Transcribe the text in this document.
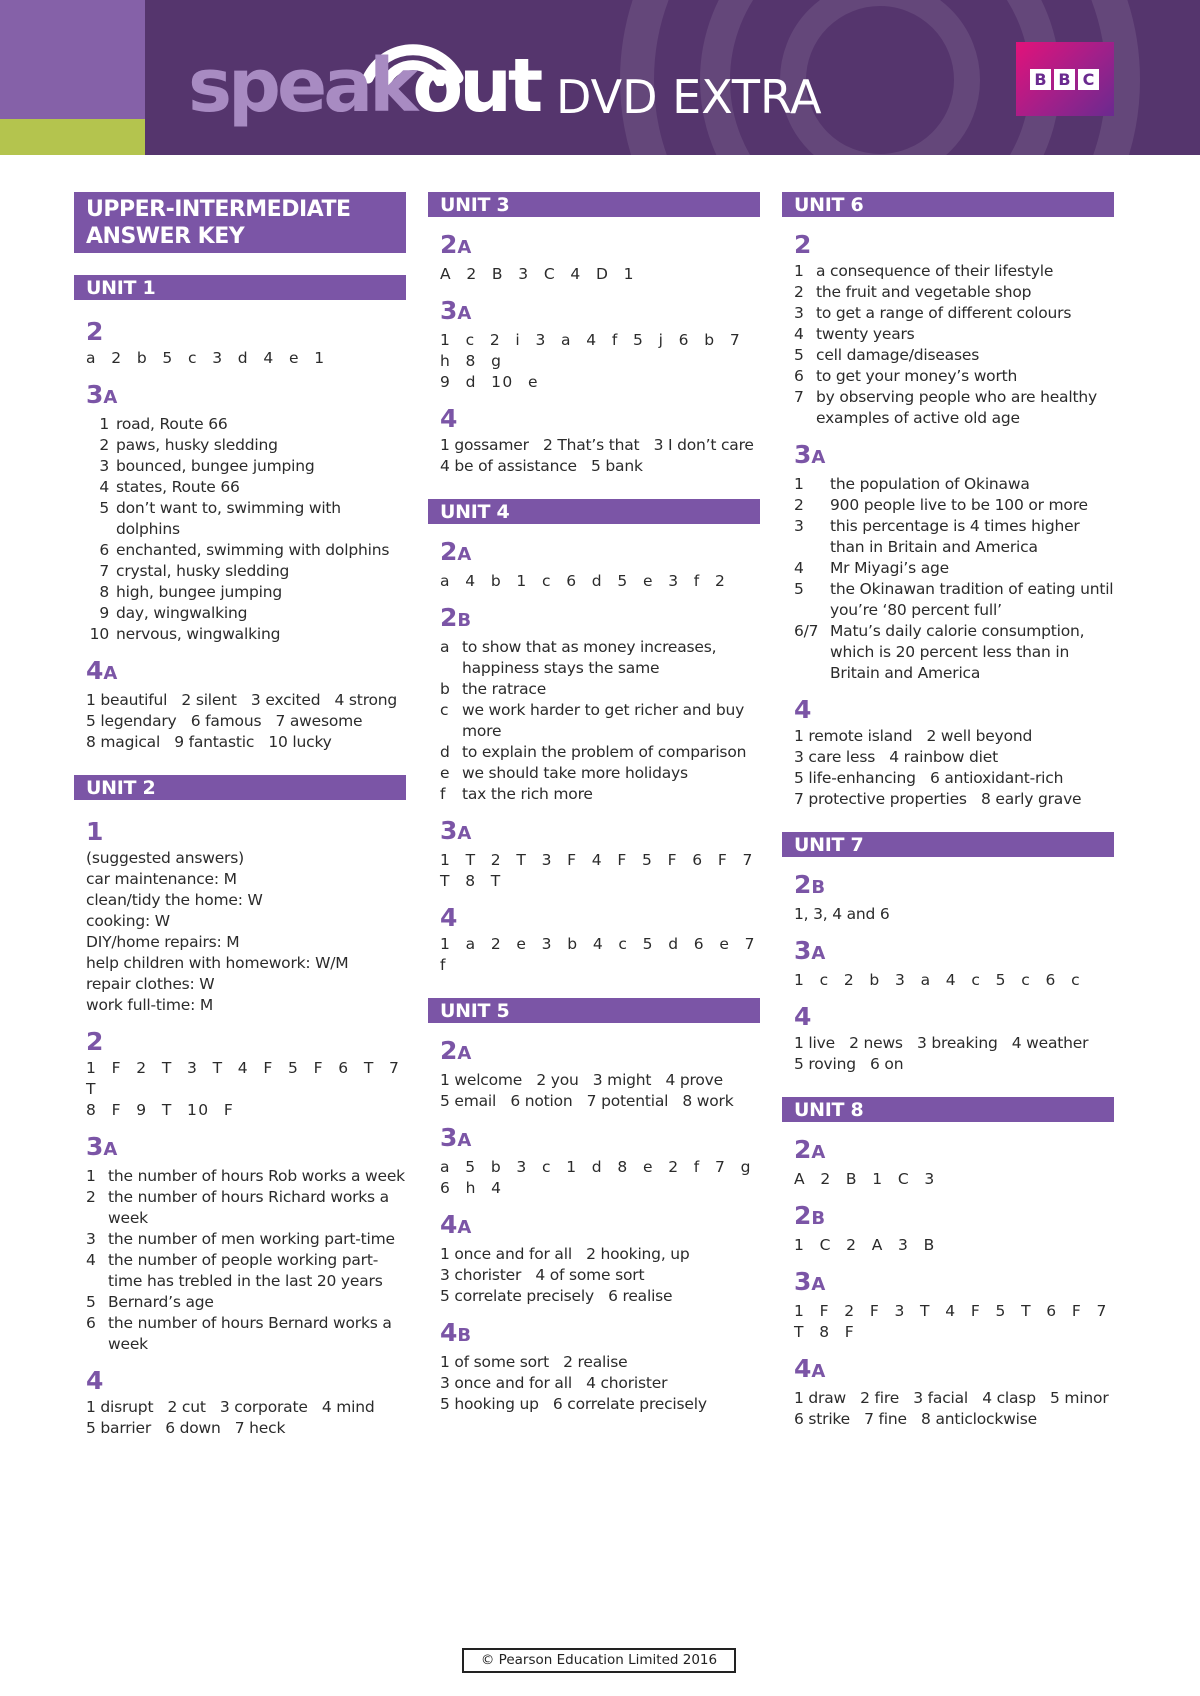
speakout DVD EXTRA	B B C
UPPER-INTERMEDIATE
ANSWER KEY
UNIT 1
2
a 2 b 5 c 3 d 4 e 1
3A
1 road, Route 66
2 paws, husky sledding
3 bounced, bungee jumping
4 states, Route 66
5 don’t want to, swimming with dolphins
6 enchanted, swimming with dolphins
7 crystal, husky sledding
8 high, bungee jumping
9 day, wingwalking
10 nervous, wingwalking
4A
1 beautiful   2 silent   3 excited   4 strong
5 legendary   6 famous   7 awesome
8 magical   9 fantastic   10 lucky
UNIT 2
1
(suggested answers)
car maintenance: M
clean/tidy the home: W
cooking: W
DIY/home repairs: M
help children with homework: W/M
repair clothes: W
work full-time: M
2
1 F 2 T 3 T 4 F 5 F 6 T 7 T
8 F 9 T 10 F
3A
1 the number of hours Rob works a week
2 the number of hours Richard works a week
3 the number of men working part-time
4 the number of people working part-time has trebled in the last 20 years
5 Bernard’s age
6 the number of hours Bernard works a week
4
1 disrupt   2 cut   3 corporate   4 mind
5 barrier   6 down   7 heck
UNIT 3
2A
A 2 B 3 C 4 D 1
3A
1 c 2 i 3 a 4 f 5 j 6 b 7 h 8 g
9 d 10 e
4
1 gossamer   2 That’s that   3 I don’t care
4 be of assistance   5 bank
UNIT 4
2A
a 4 b 1 c 6 d 5 e 3 f 2
2B
a to show that as money increases, happiness stays the same
b the ratrace
c we work harder to get richer and buy more
d to explain the problem of comparison
e we should take more holidays
f	tax the rich more
3A
1 T 2 T 3 F 4 F 5 F 6 F 7 T 8 T
4
1 a 2 e 3 b 4 c 5 d 6 e 7 f
UNIT 5
2A
1 welcome   2 you   3 might   4 prove
5 email   6 notion   7 potential   8 work
3A
a 5 b 3 c 1 d 8 e 2 f 7 g 6 h 4
4A
1 once and for all   2 hooking, up
3 chorister   4 of some sort
5 correlate precisely   6 realise
4B
1 of some sort   2 realise
3 once and for all   4 chorister
5 hooking up   6 correlate precisely
UNIT 6
2
1 a consequence of their lifestyle
2 the fruit and vegetable shop
3 to get a range of different colours
4 twenty years
5 cell damage/diseases
6 to get your money’s worth
7 by observing people who are healthy examples of active old age
3A
1	the population of Okinawa
2	900 people live to be 100 or more
3	this percentage is 4 times higher than in Britain and America
4	Mr Miyagi’s age
5	the Okinawan tradition of eating until you’re ‘80 percent full’
6/7 Matu’s daily calorie consumption, which is 20 percent less than in Britain and America
4
1 remote island   2 well beyond
3 care less   4 rainbow diet
5 life-enhancing   6 antioxidant-rich
7 protective properties   8 early grave
UNIT 7
2B
1, 3, 4 and 6
3A
1 c 2 b 3 a 4 c 5 c 6 c
4
1 live   2 news   3 breaking   4 weather
5 roving   6 on
UNIT 8
2A
A 2 B 1 C 3
2B
1 C 2 A 3 B
3A
1 F 2 F 3 T 4 F 5 T 6 F 7 T 8 F
4A
1 draw   2 fire   3 facial   4 clasp   5 minor
6 strike   7 fine   8 anticlockwise
© Pearson Education Limited 2016
